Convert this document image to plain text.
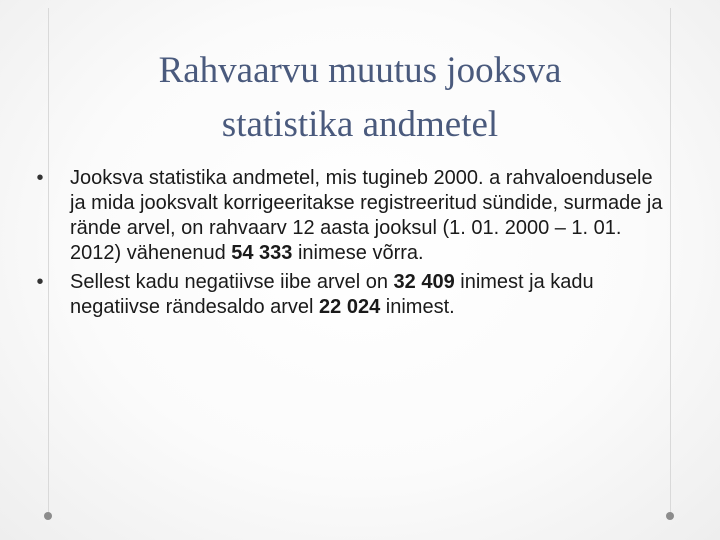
Rahvaarvu muutus jooksva
statistika andmetel
•	Jooksva statistika andmetel, mis tugineb 2000. a rahvaloendusele ja mida jooksvalt korrigeeritakse registreeritud sündide, surmade ja rände arvel, on rahvaarv 12 aasta jooksul (1. 01. 2000 – 1. 01. 2012) vähenenud 54 333 inimese võrra.
•	Sellest kadu negatiivse iibe arvel on 32 409 inimest ja kadu negatiivse rändesaldo arvel 22 024 inimest.
